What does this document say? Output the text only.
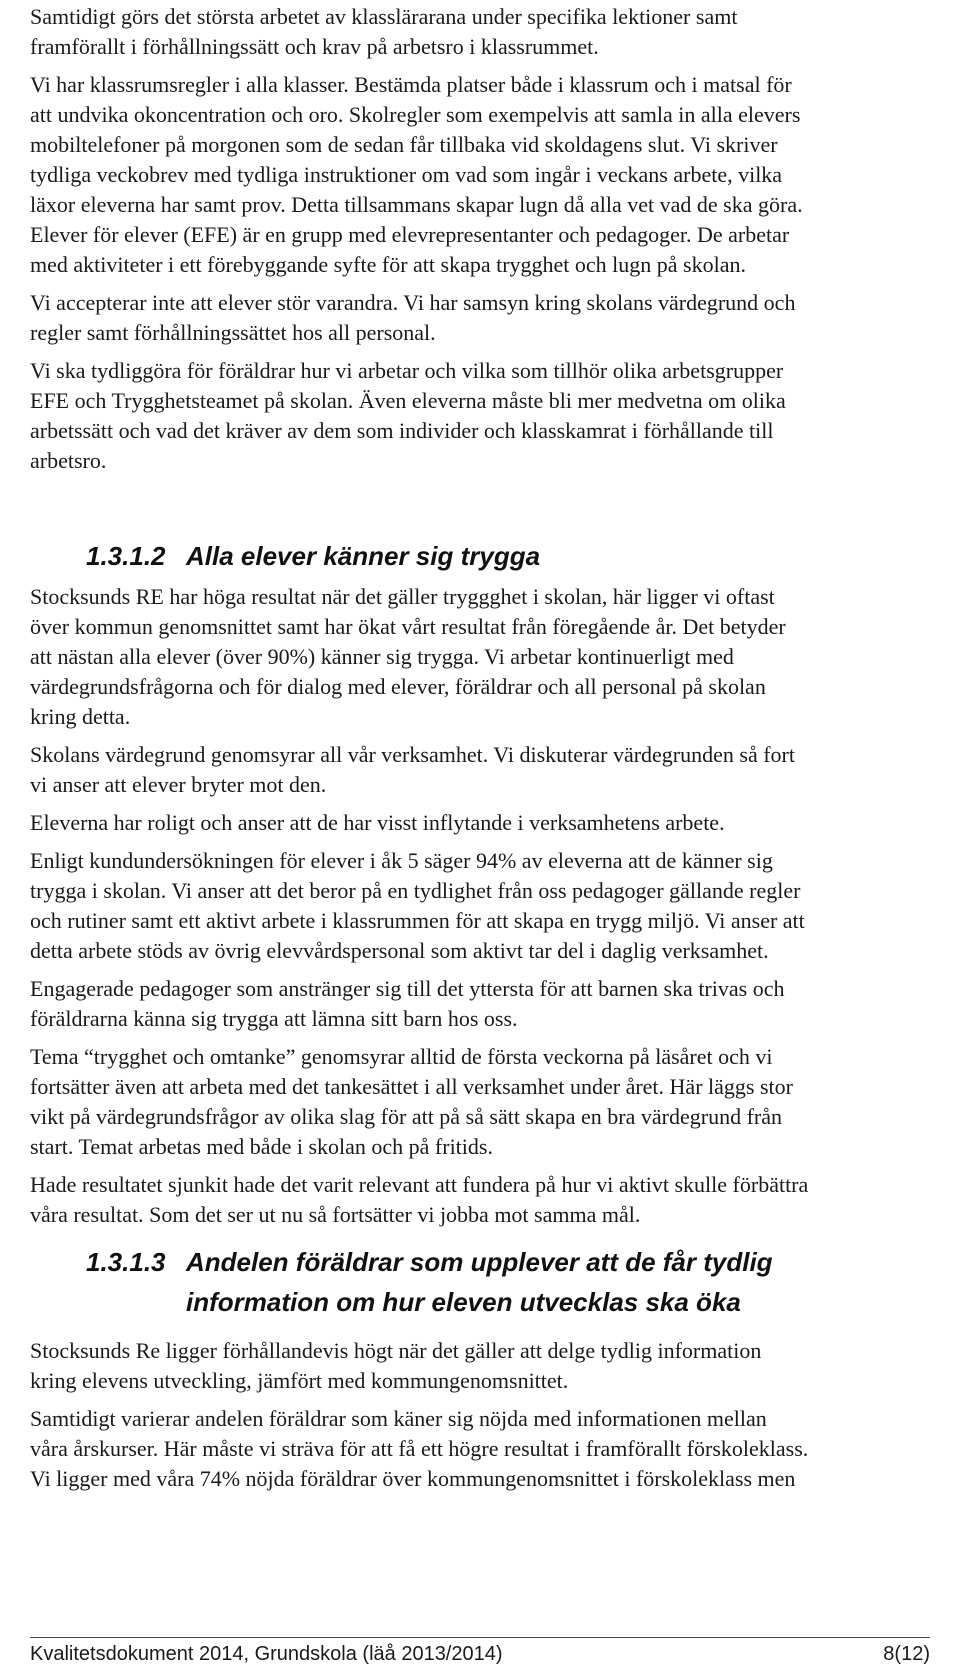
Samtidigt görs det största arbetet av klasslärarana under specifika lektioner samt
framförallt i förhållningssätt och krav på arbetsro i klassrummet.

Vi har klassrumsregler i alla klasser. Bestämda platser både i klassrum och i matsal för
att undvika okoncentration och oro. Skolregler som exempelvis att samla in alla elevers
mobiltelefoner på morgonen som de sedan får tillbaka vid skoldagens slut. Vi skriver
tydliga veckobrev med tydliga instruktioner om vad som ingår i veckans arbete, vilka
läxor eleverna har samt prov. Detta tillsammans skapar lugn då alla vet vad de ska göra.
Elever för elever (EFE) är en grupp med elevrepresentanter och pedagoger. De arbetar
med aktiviteter i ett förebyggande syfte för att skapa trygghet och lugn på skolan.

Vi accepterar inte att elever stör varandra. Vi har samsyn kring skolans värdegrund och
regler samt förhållningssättet hos all personal.

Vi ska tydliggöra för föräldrar hur vi arbetar och vilka som tillhör olika arbetsgrupper
EFE och Trygghetsteamet på skolan. Även eleverna måste bli mer medvetna om olika
arbetssätt och vad det kräver av dem som individer och klasskamrat i förhållande till
arbetsro.

1.3.1.2 Alla elever känner sig trygga

Stocksunds RE har höga resultat när det gäller tryggghet i skolan, här ligger vi oftast
över kommun genomsnittet samt har ökat vårt resultat från föregående år. Det betyder
att nästan alla elever (över 90%) känner sig trygga. Vi arbetar kontinuerligt med
värdegrundsfrågorna och för dialog med elever, föräldrar och all personal på skolan
kring detta.

Skolans värdegrund genomsyrar all vår verksamhet. Vi diskuterar värdegrunden så fort
vi anser att elever bryter mot den.

Eleverna har roligt och anser att de har visst inflytande i verksamhetens arbete.

Enligt kundundersökningen för elever i åk 5 säger 94% av eleverna att de känner sig
trygga i skolan. Vi anser att det beror på en tydlighet från oss pedagoger gällande regler
och rutiner samt ett aktivt arbete i klassrummen för att skapa en trygg miljö. Vi anser att
detta arbete stöds av övrig elevvårdspersonal som aktivt tar del i daglig verksamhet.

Engagerade pedagoger som anstränger sig till det yttersta för att barnen ska trivas och
föräldrarna känna sig trygga att lämna sitt barn hos oss.

Tema “trygghet och omtanke” genomsyrar alltid de första veckorna på läsåret och vi
fortsätter även att arbeta med det tankesättet i all verksamhet under året. Här läggs stor
vikt på värdegrundsfrågor av olika slag för att på så sätt skapa en bra värdegrund från
start. Temat arbetas med både i skolan och på fritids.

Hade resultatet sjunkit hade det varit relevant att fundera på hur vi aktivt skulle förbättra
våra resultat. Som det ser ut nu så fortsätter vi jobba mot samma mål.

1.3.1.3 Andelen föräldrar som upplever att de får tydlig
information om hur eleven utvecklas ska öka

Stocksunds Re ligger förhållandevis högt när det gäller att delge tydlig information
kring elevens utveckling, jämfört med kommungenomsnittet.

Samtidigt varierar andelen föräldrar som käner sig nöjda med informationen mellan
våra årskurser. Här måste vi sträva för att få ett högre resultat i framförallt förskoleklass.
Vi ligger med våra 74% nöjda föräldrar över kommungenomsnittet i förskoleklass men

Kvalitetsdokument 2014, Grundskola (läå 2013/2014)	8(12)
